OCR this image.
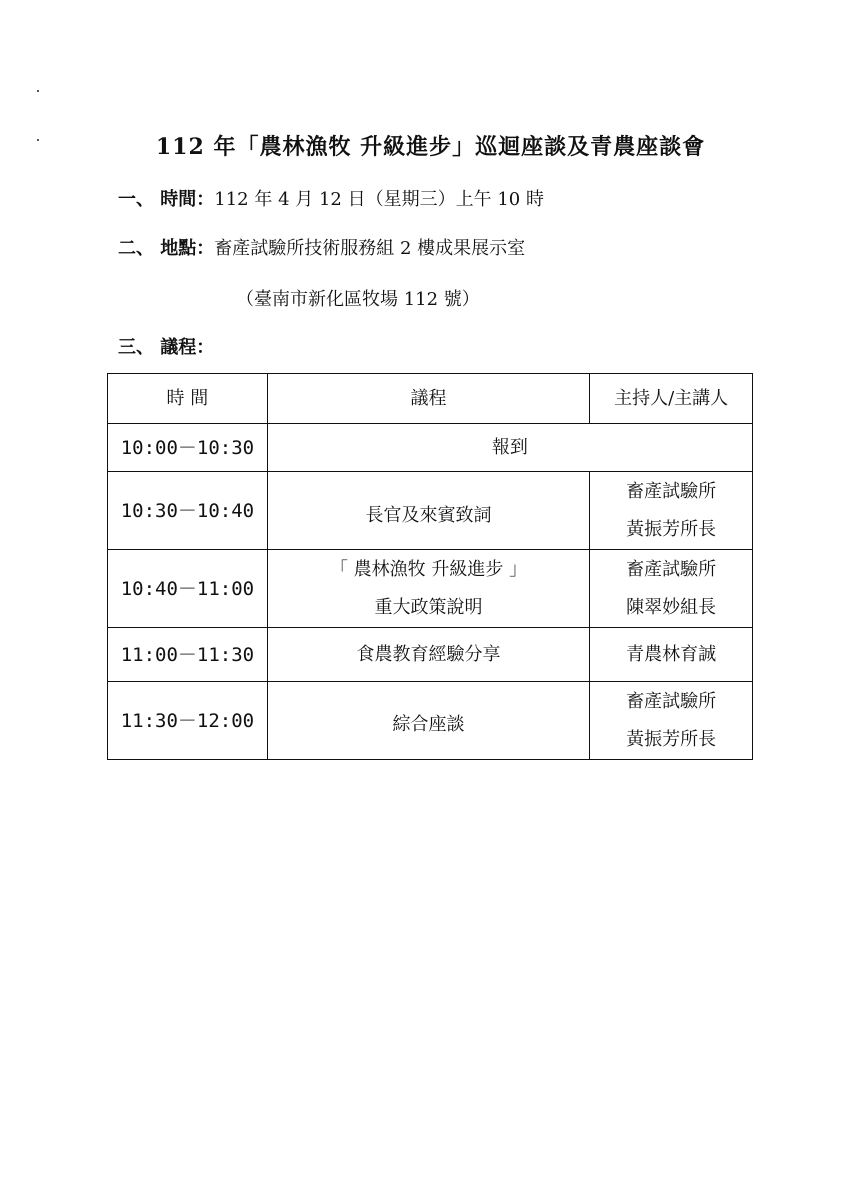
112 年「農林漁牧 升級進步」巡迴座談及青農座談會
一、 時間：112 年 4 月 12 日（星期三）上午 10 時
二、 地點：畜產試驗所技術服務組 2 樓成果展示室
（臺南市新化區牧場 112 號）
三、 議程：
時 間	議程	主持人/主講人
10:00－10:30	報到	
10:30－10:40	長官及來賓致詞	畜產試驗所
黃振芳所長

10:40－11:00	「 農林漁牧 升級進步 」
重大政策說明	畜產試驗所
陳翠妙組長

11:00－11:30	食農教育經驗分享	青農林育誠
11:30－12:00	綜合座談	畜產試驗所
黃振芳所長
